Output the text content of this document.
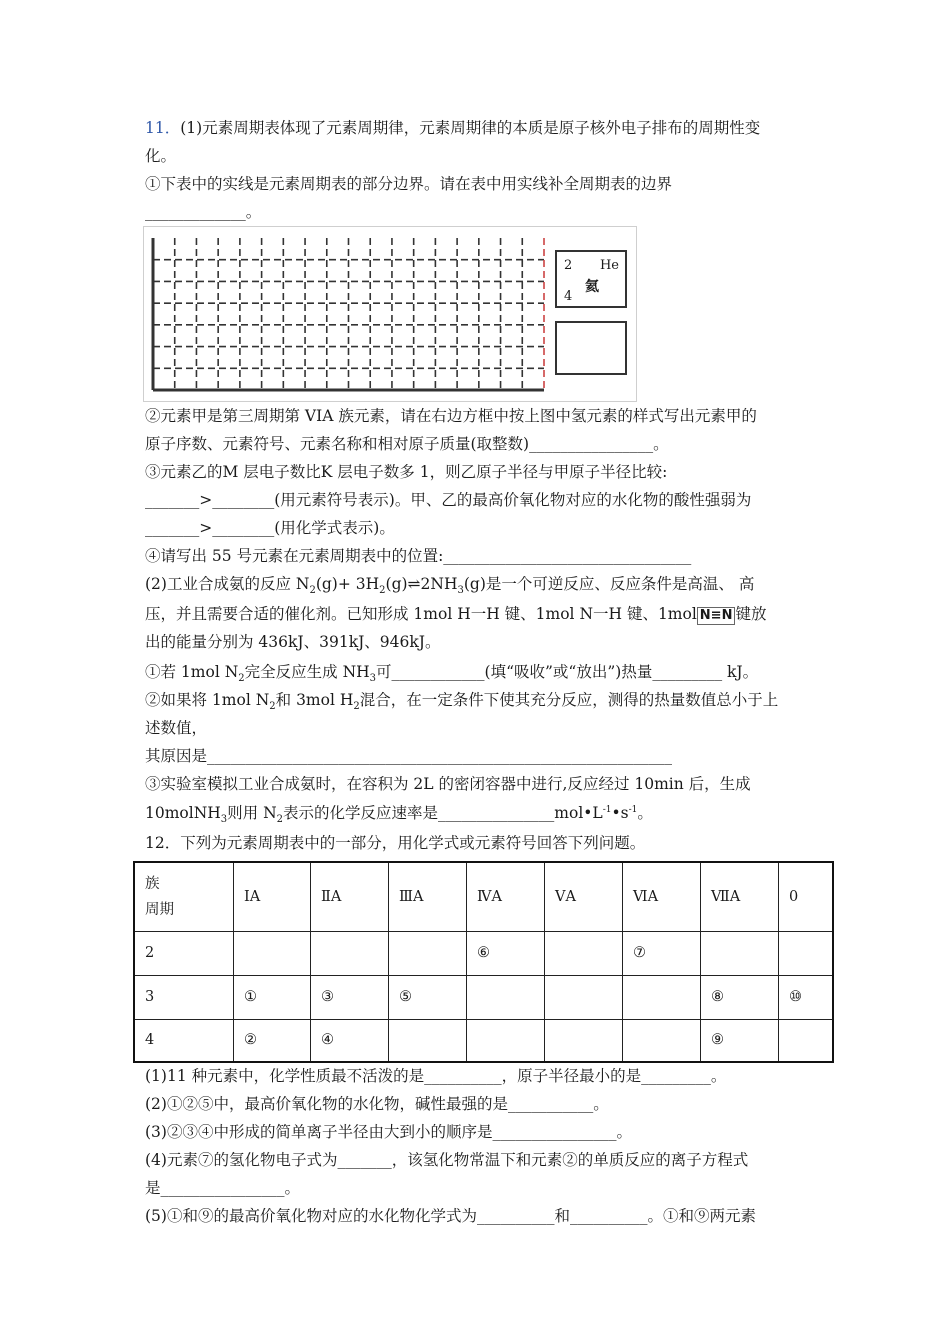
11．(1)元素周期表体现了元素周期律，元素周期律的本质是原子核外电子排布的周期性变
化。
①下表中的实线是元素周期表的部分边界。请在表中用实线补全周期表的边界
_____________。
2 He
氦
4
②元素甲是第三周期第 VIA 族元素，请在右边方框中按上图中氢元素的样式写出元素甲的
原子序数、元素符号、元素名称和相对原子质量(取整数)________________。
③元素乙的M 层电子数比K 层电子数多 1，则乙原子半径与甲原子半径比较:
_______>________(用元素符号表示)。甲、乙的最高价氧化物对应的水化物的酸性强弱为
_______>________(用化学式表示)。
④请写出 55 号元素在元素周期表中的位置:________________________________
(2)工业合成氨的反应 $N_2(g)+$ $3H_2(g)\rightleftharpoons 2NH_3(g)$是一个可逆反应、反应条件是高温、 高
压，并且需要合适的催化剂。已知形成 1mol H一H 键、1mol N一H 键、1mol N≡N 键放
出的能量分别为 436kJ、391kJ、946kJ。
①若 1mol $N_2$完全反应生成 $NH_3$可____________(填“吸收”或“放出”)热量_________ kJ。
②如果将 1mol $N_2$和 3mol $H_2$混合，在一定条件下使其充分反应，测得的热量数值总小于上
述数值，
其原因是____________________________________________________________
③实验室模拟工业合成氨时，在容积为 2L 的密闭容器中进行,反应经过 10min 后，生成
10molNH$_3$则用 $N_2$表示的化学反应速率是$\_\_\_\_\_\_\_\_\_\_\_\_\_\_\_mol•L^{-1}•s^{-1}$。
12．下列为元素周期表中的一部分，用化学式或元素符号回答下列问题。
族
周期	ⅠA	ⅡA	ⅢA	ⅣA	ⅤA	ⅥA	ⅦA	0
2				⑥		⑦		
3	①	③	⑤				⑧	⑩
4	②	④					⑨	
(1)11 种元素中，化学性质最不活泼的是__________，原子半径最小的是_________。
(2)①②⑤中，最高价氧化物的水化物，碱性最强的是___________。
(3)②③④中形成的简单离子半径由大到小的顺序是________________。
(4)元素⑦的氢化物电子式为_______，该氢化物常温下和元素②的单质反应的离子方程式
是________________。
(5)①和⑨的最高价氧化物对应的水化物化学式为__________和__________。①和⑨两元素
